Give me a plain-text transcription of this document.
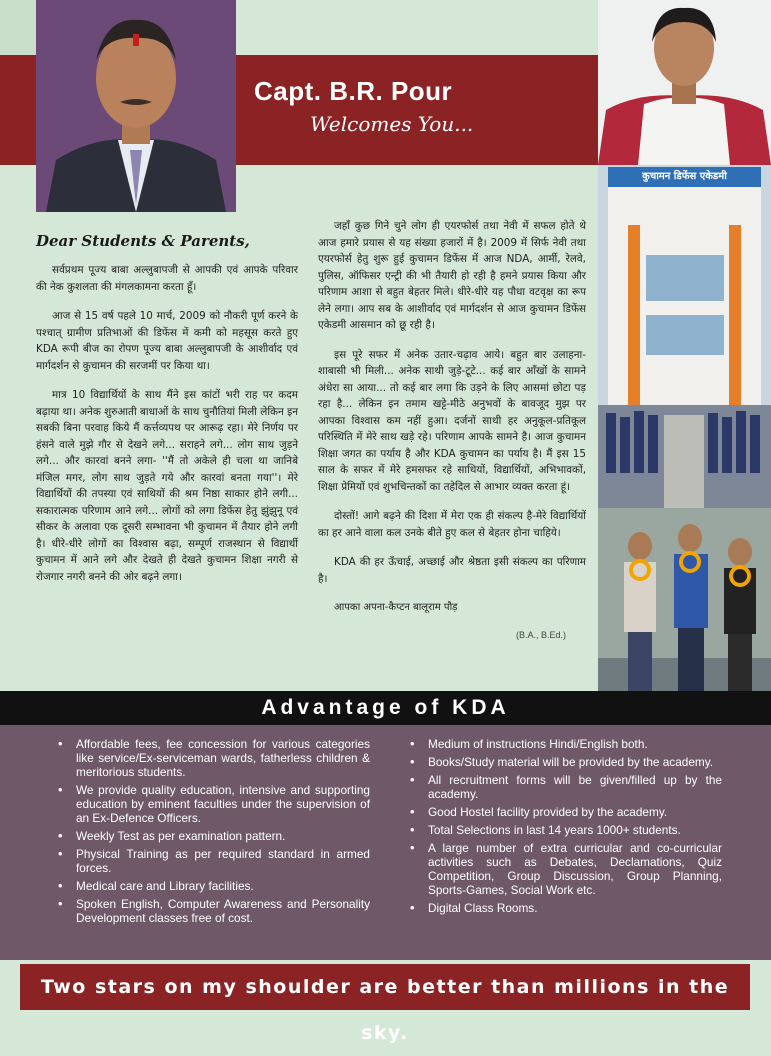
Capt. B.R. Pour
Welcomes You...
कुचामन डिफेंस एकेडमी
Dear Students & Parents,

सर्वप्रथम पूज्य बाबा अल्लुबापजी से आपकी एवं आपके परिवार की नेक कुशलता की मंगलकामना करता हूँ।

आज से 15 वर्ष पहले 10 मार्च, 2009 को नौकरी पूर्ण करने के पश्चात् ग्रामीण प्रतिभाओं की डिफेंस में कमी को महसूस करते हुए KDA रूपी बीज का रोपण पूज्य बाबा अल्लुबापजी के आशीर्वाद एवं मार्गदर्शन से कुचामन की सरजमीं पर किया था।

मात्र 10 विद्यार्थियों के साथ मैंने इस कांटों भरी राह पर कदम बढ़ाया था। अनेक शुरुआती बाधाओं के साथ चुनौतियां मिली लेकिन इन सबकी बिना परवाह किये मैं कर्त्तव्यपथ पर आरूढ़ रहा। मेरे निर्णय पर हंसने वाले मुझे गौर से देखने लगे... सराहने लगे... लोग साथ जुड़ने लगे... और कारवां बनने लगा- ''मैं तो अकेले ही चला था जानिबे मंजिल मगर, लोग साथ जुड़ते गये और कारवां बनता गया''। मेरे विद्यार्थियों की तपस्या एवं साथियों की श्रम निष्ठा साकार होने लगी... सकारात्मक परिणाम आने लगे... लोगों को लगा डिफेंस हेतु झुंझुनू एवं सीकर के अलावा एक दूसरी सम्भावना भी कुचामन में तैयार होने लगी है। धीरे-धीरे लोगों का विश्वास बढ़ा, सम्पूर्ण राजस्थान से विद्यार्थी कुचामन में आने लगे और देखते ही देखते कुचामन शिक्षा नगरी से रोजगार नगरी बनने की ओर बढ़ने लगा।

जहाँ कुछ गिने चुने लोग ही एयरफोर्स तथा नेवी में सफल होते थे आज हमारे प्रयास से यह संख्या हजारों में है। 2009 में सिर्फ नेवी तथा एयरफोर्स हेतु शुरू हुई कुचामन डिफेंस में आज NDA, आर्मी, रेलवे, पुलिस, ऑफिसर एन्ट्री की भी तैयारी हो रही है हमने प्रयास किया और परिणाम आशा से बहुत बेहतर मिले। धीरे-धीरे यह पौधा वटवृक्ष का रूप लेने लगा। आप सब के आशीर्वाद एवं मार्गदर्शन से आज कुचामन डिफेंस एकेडमी आसमान को छू रही है।

इस पूरे सफर में अनेक उतार-चढ़ाव आये। बहुत बार उलाहना-शाबासी भी मिली... अनेक साथी जुड़े-टूटे... कई बार आँखों के सामने अंधेरा सा आया... तो कई बार लगा कि उड़ने के लिए आसमां छोटा पड़ रहा है... लेकिन इन तमाम खट्टे-मीठे अनुभवों के बावजूद मुझ पर आपका विश्वास कम नहीं हुआ। दर्जनों साथी हर अनुकूल-प्रतिकूल परिस्थिति में मेरे साथ खड़े रहे। परिणाम आपके सामने है। आज कुचामन शिक्षा जगत का पर्याय है और KDA कुचामन का पर्याय है। मैं इस 15 साल के सफर में मेरे हमसफर रहे साथियों, विद्यार्थियों, अभिभावकों, शिक्षा प्रेमियों एवं शुभचिन्तकों का तहेदिल से आभार व्यक्त करता हूं।

दोस्तों! आगे बढ़ने की दिशा में मेरा एक ही संकल्प है-मेरे विद्यार्थियों का हर आने वाला कल उनके बीते हुए कल से बेहतर होना चाहिये।

KDA की हर ऊँचाई, अच्छाई और श्रेष्ठता इसी संकल्प का परिणाम है।

आपका अपना-कैप्टन बालूराम पौड़

(B.A., B.Ed.)
Advantage of KDA
• Affordable fees, fee concession for various categories like service/Ex-serviceman wards, fatherless children & meritorious students.
• We provide quality education, intensive and supporting education by eminent faculties under the supervision of an Ex-Defence Officers.
• Weekly Test as per examination pattern.
• Physical Training as per required standard in armed forces.
• Medical care and Library facilities.
• Spoken English, Computer Awareness and Personality Development classes free of cost.
• Medium of instructions Hindi/English both.
• Books/Study material will be provided by the academy.
• All recruitment forms will be given/filled up by the academy.
• Good Hostel facility provided by the academy.
• Total Selections in last 14 years 1000+ students.
• A large number of extra curricular and co-curricular activities such as Debates, Declamations, Quiz Competition, Group Discussion, Group Planning, Sports-Games, Social Work etc.
• Digital Class Rooms.
Two stars on my shoulder are better than millions in the sky.
